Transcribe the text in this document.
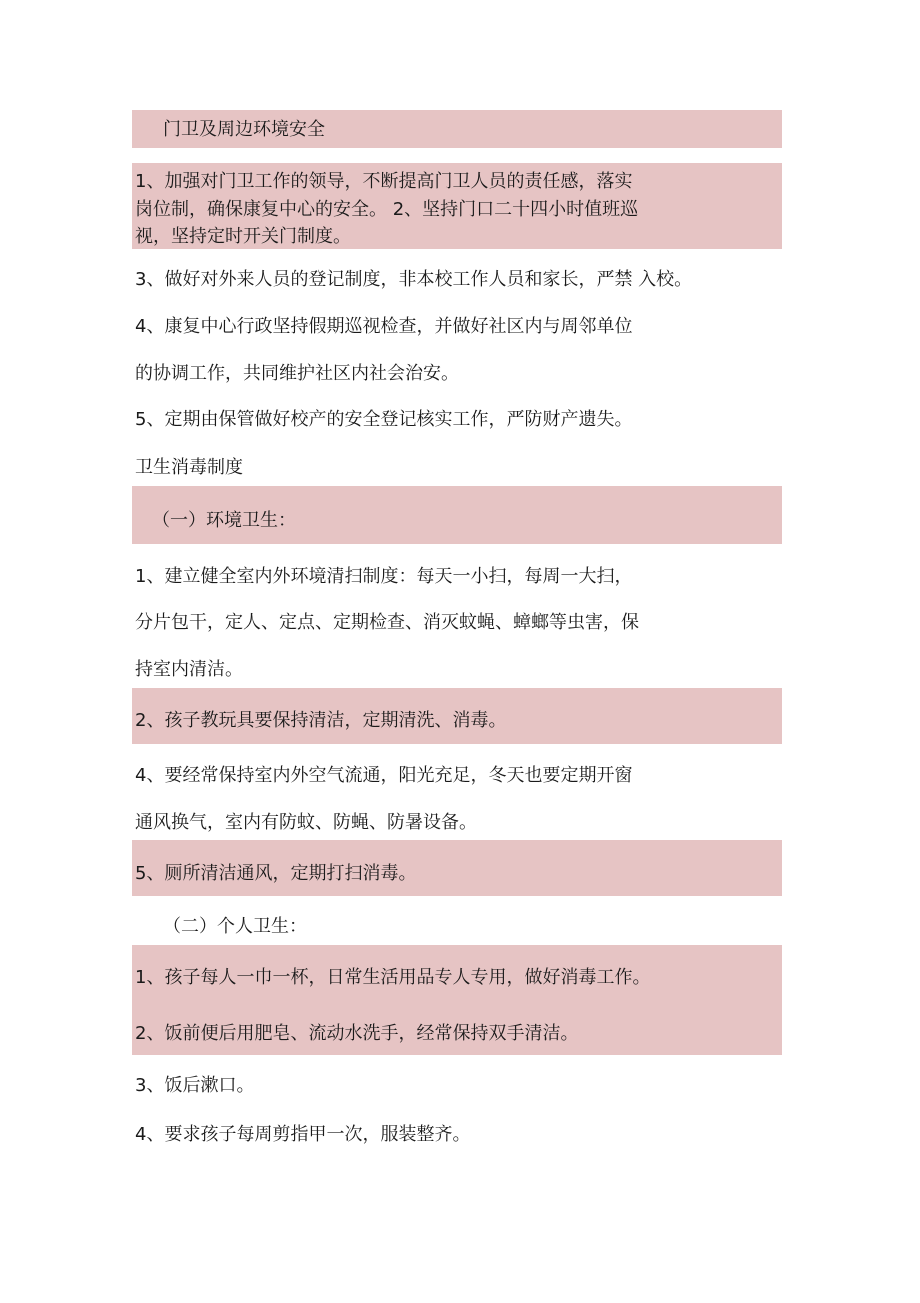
门卫及周边环境安全
1、加强对门卫工作的领导，不断提高门卫人员的责任感，落实
岗位制，确保康复中心的安全。 2、坚持门口二十四小时值班巡
视，坚持定时开关门制度。
3、做好对外来人员的登记制度，非本校工作人员和家长，严禁 入校。
4、康复中心行政坚持假期巡视检查，并做好社区内与周邻单位
的协调工作，共同维护社区内社会治安。
5、定期由保管做好校产的安全登记核实工作，严防财产遗失。
卫生消毒制度
（一）环境卫生：
1、建立健全室内外环境清扫制度：每天一小扫，每周一大扫，
分片包干，定人、定点、定期检查、消灭蚊蝇、蟑螂等虫害，保
持室内清洁。
2、孩子教玩具要保持清洁，定期清洗、消毒。
4、要经常保持室内外空气流通，阳光充足，冬天也要定期开窗
通风换气，室内有防蚊、防蝇、防暑设备。
5、厕所清洁通风，定期打扫消毒。
（二）个人卫生：
1、孩子每人一巾一杯，日常生活用品专人专用，做好消毒工作。
2、饭前便后用肥皂、流动水洗手，经常保持双手清洁。
3、饭后漱口。
4、要求孩子每周剪指甲一次，服装整齐。
